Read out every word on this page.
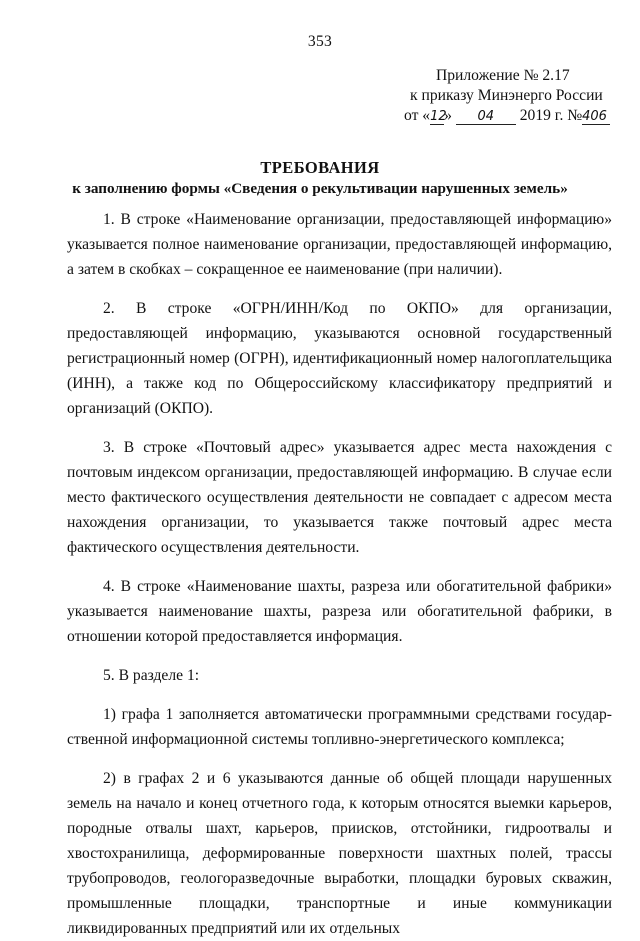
353
Приложение № 2.17
к приказу Минэнерго России
от «12» 04 2019 г. №406
ТРЕБОВАНИЯ
к заполнению формы «Сведения о рекультивации нарушенных земель»

1. В строке «Наименование организации, предоставляющей информацию» указывается полное наименование организации, предоставляющей информацию, а затем в скобках – сокращенное ее наименование (при наличии).

2. В строке «ОГРН/ИНН/Код по ОКПО» для организации, предоставляющей информацию, указываются основной государственный регистрационный номер (ОГРН), идентификационный номер налогоплательщика (ИНН), а также код по Общероссийскому классификатору предприятий и организаций (ОКПО).

3. В строке «Почтовый адрес» указывается адрес места нахождения с почтовым индексом организации, предоставляющей информацию. В случае если место фактического осуществления деятельности не совпадает с адресом места нахождения организации, то указывается также почтовый адрес места фактического осуществления деятельности.

4. В строке «Наименование шахты, разреза или обогатительной фабрики» указывается наименование шахты, разреза или обогатительной фабрики, в отношении которой предоставляется информация.

5. В разделе 1:

1) графа 1 заполняется автоматически программными средствами государственной информационной системы топливно-энергетического комплекса;

2) в графах 2 и 6 указываются данные об общей площади нарушенных земель на начало и конец отчетного года, к которым относятся выемки карьеров, породные отвалы шахт, карьеров, приисков, отстойники, гидроотвалы и хвостохранилища, деформированные поверхности шахтных полей, трассы трубопроводов, геологоразведочные выработки, площадки буровых скважин, промышленные площадки, транспортные и иные коммуникации ликвидированных предприятий или их отдельных
